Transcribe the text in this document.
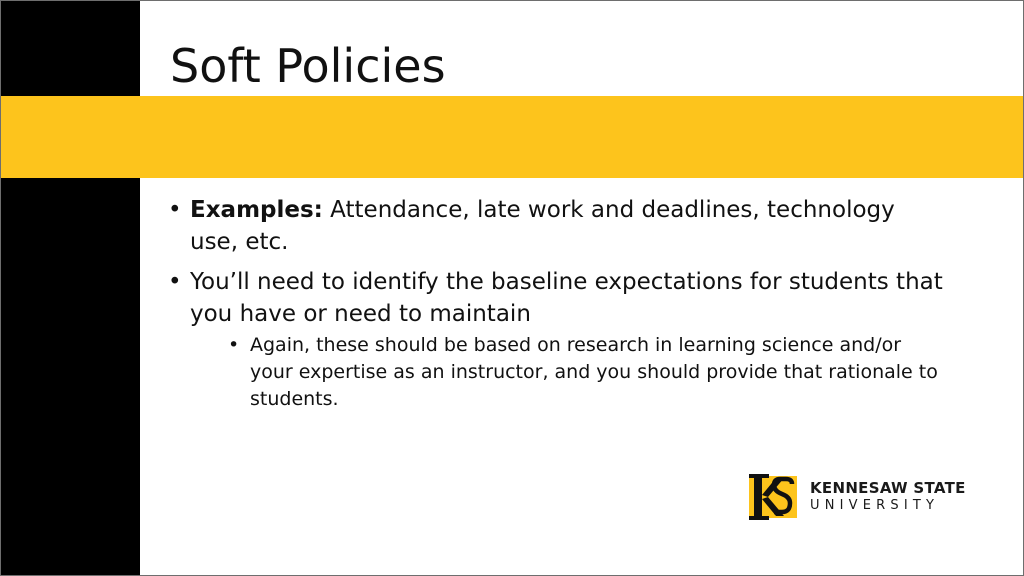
Soft Policies
• Examples: Attendance, late work and deadlines, technology use, etc.
• You’ll need to identify the baseline expectations for students that you have or need to maintain
• Again, these should be based on research in learning science and/or your expertise as an instructor, and you should provide that rationale to students.
KENNESAW STATE
UNIVERSITY
